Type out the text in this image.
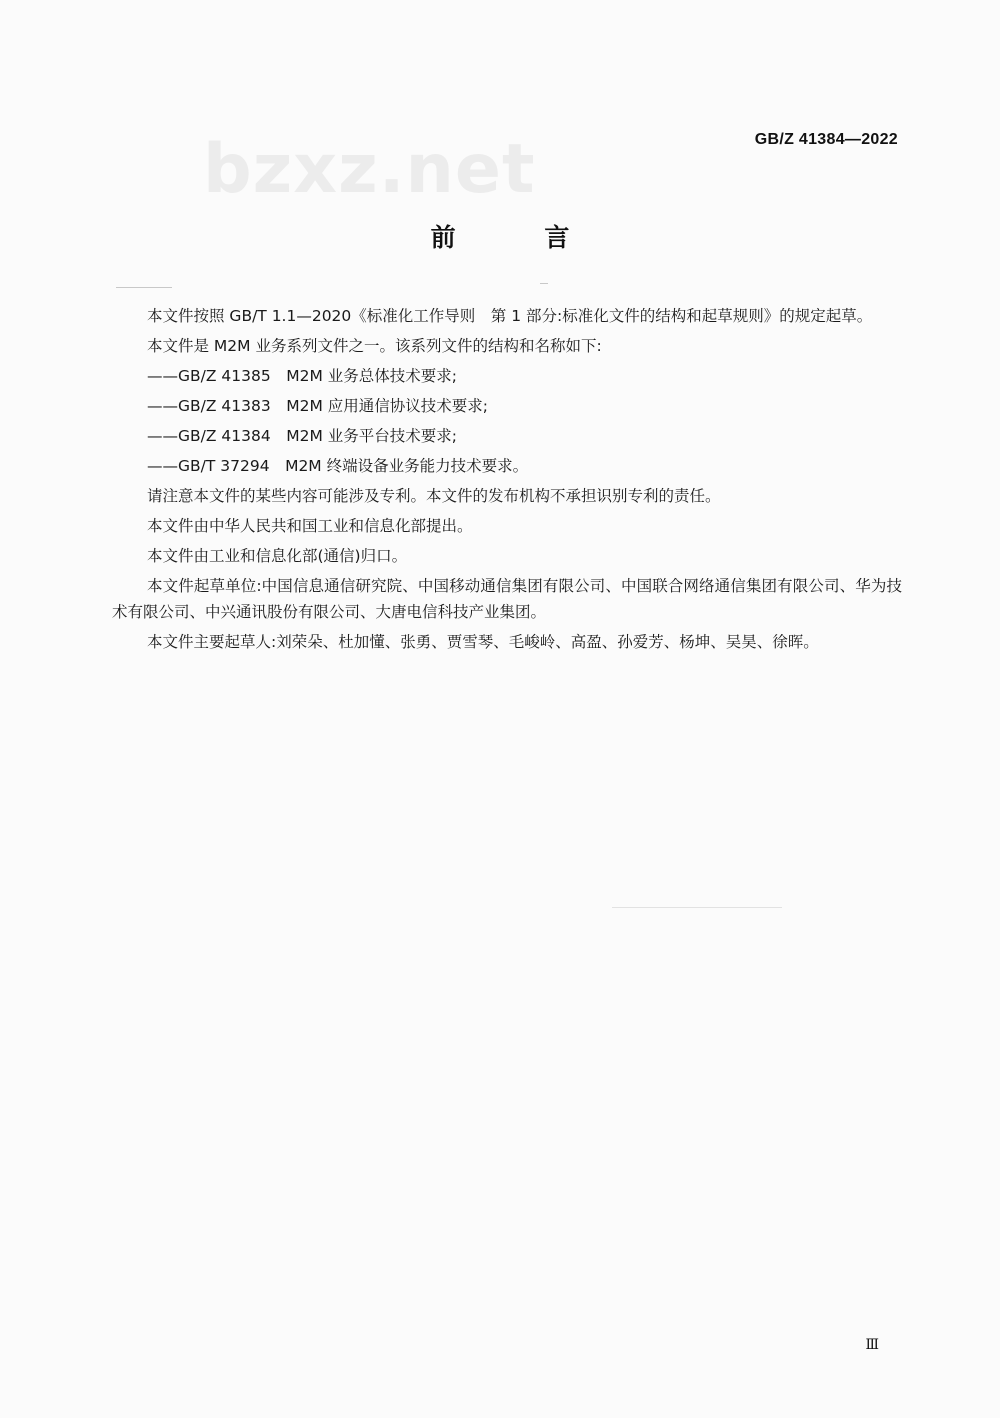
bzxz.net	GB/Z 41384—2022
前 言

本文件按照 GB/T 1.1—2020《标准化工作导则　第 1 部分:标准化文件的结构和起草规则》的规定起草。

本文件是 M2M 业务系列文件之一。该系列文件的结构和名称如下:

——GB/Z 41385　M2M 业务总体技术要求;

——GB/Z 41383　M2M 应用通信协议技术要求;

——GB/Z 41384　M2M 业务平台技术要求;

——GB/T 37294　M2M 终端设备业务能力技术要求。

请注意本文件的某些内容可能涉及专利。本文件的发布机构不承担识别专利的责任。

本文件由中华人民共和国工业和信息化部提出。

本文件由工业和信息化部(通信)归口。

本文件起草单位:中国信息通信研究院、中国移动通信集团有限公司、中国联合网络通信集团有限公司、华为技术有限公司、中兴通讯股份有限公司、大唐电信科技产业集团。

本文件主要起草人:刘荣朵、杜加懂、张勇、贾雪琴、毛峻岭、高盈、孙爱芳、杨坤、吴昊、徐晖。

Ⅲ
